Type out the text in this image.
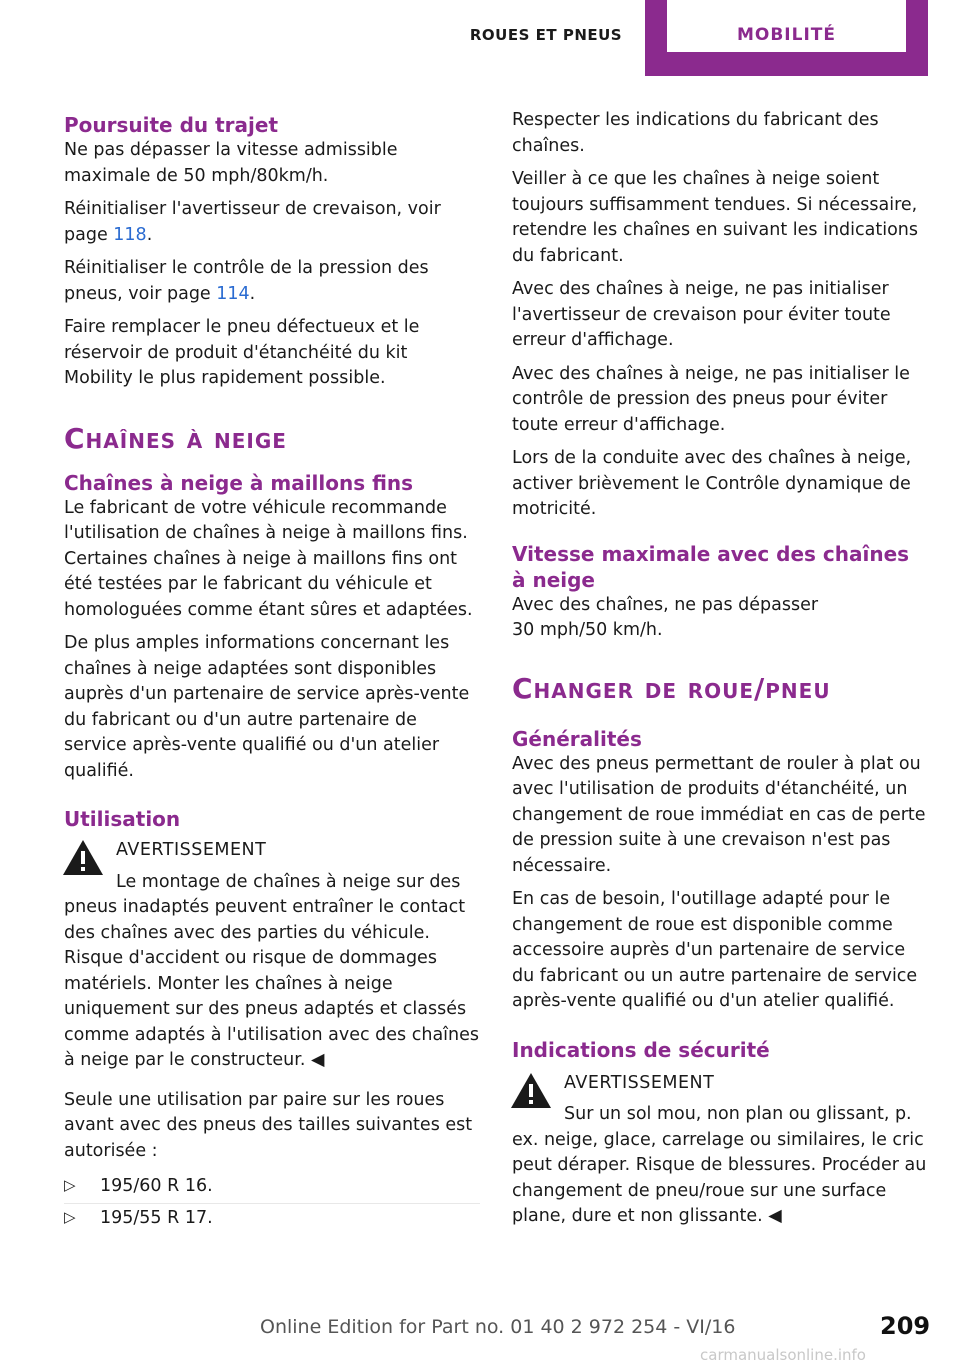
ROUES ET PNEUS	MOBILITÉ
Poursuite du trajet

Ne pas dépasser la vitesse admissible maximale de 50 mph/80km/h.

Réinitialiser l'avertisseur de crevaison, voir page 118.

Réinitialiser le contrôle de la pression des pneus, voir page 114.

Faire remplacer le pneu défectueux et le réservoir de produit d'étanchéité du kit Mobility le plus rapidement possible.

Chaînes à neige
Chaînes à neige à maillons fins

Le fabricant de votre véhicule recommande l'utilisation de chaînes à neige à maillons fins. Certaines chaînes à neige à maillons fins ont été testées par le fabricant du véhicule et homologuées comme étant sûres et adaptées.

De plus amples informations concernant les chaînes à neige adaptées sont disponibles auprès d'un partenaire de service après-vente du fabricant ou d'un autre partenaire de service après-vente qualifié ou d'un atelier qualifié.

Utilisation
AVERTISSEMENT

Le montage de chaînes à neige sur des pneus inadaptés peuvent entraîner le contact des chaînes avec des parties du véhicule. Risque d'accident ou risque de dommages matériels. Monter les chaînes à neige uniquement sur des pneus adaptés et classés comme adaptés à l'utilisation avec des chaînes à neige par le constructeur. ◀

Seule une utilisation par paire sur les roues avant avec des pneus des tailles suivantes est autorisée :

▷ 195/60 R 16.
▷ 195/55 R 17.

Respecter les indications du fabricant des chaînes.

Veiller à ce que les chaînes à neige soient toujours suffisamment tendues. Si nécessaire, retendre les chaînes en suivant les indications du fabricant.

Avec des chaînes à neige, ne pas initialiser l'avertisseur de crevaison pour éviter toute erreur d'affichage.

Avec des chaînes à neige, ne pas initialiser le contrôle de pression des pneus pour éviter toute erreur d'affichage.

Lors de la conduite avec des chaînes à neige, activer brièvement le Contrôle dynamique de motricité.

Vitesse maximale avec des chaînes à neige

Avec des chaînes, ne pas dépasser 30 mph/50 km/h.

Changer de roue/pneu
Généralités

Avec des pneus permettant de rouler à plat ou avec l'utilisation de produits d'étanchéité, un changement de roue immédiat en cas de perte de pression suite à une crevaison n'est pas nécessaire.

En cas de besoin, l'outillage adapté pour le changement de roue est disponible comme accessoire auprès d'un partenaire de service du fabricant ou un autre partenaire de service après-vente qualifié ou d'un atelier qualifié.

Indications de sécurité
AVERTISSEMENT

Sur un sol mou, non plan ou glissant, p. ex. neige, glace, carrelage ou similaires, le cric peut déraper. Risque de blessures. Procéder au changement de pneu/roue sur une surface plane, dure et non glissante. ◀

Online Edition for Part no. 01 40 2 972 254 - VI/16	209
carmanualsonline.info
